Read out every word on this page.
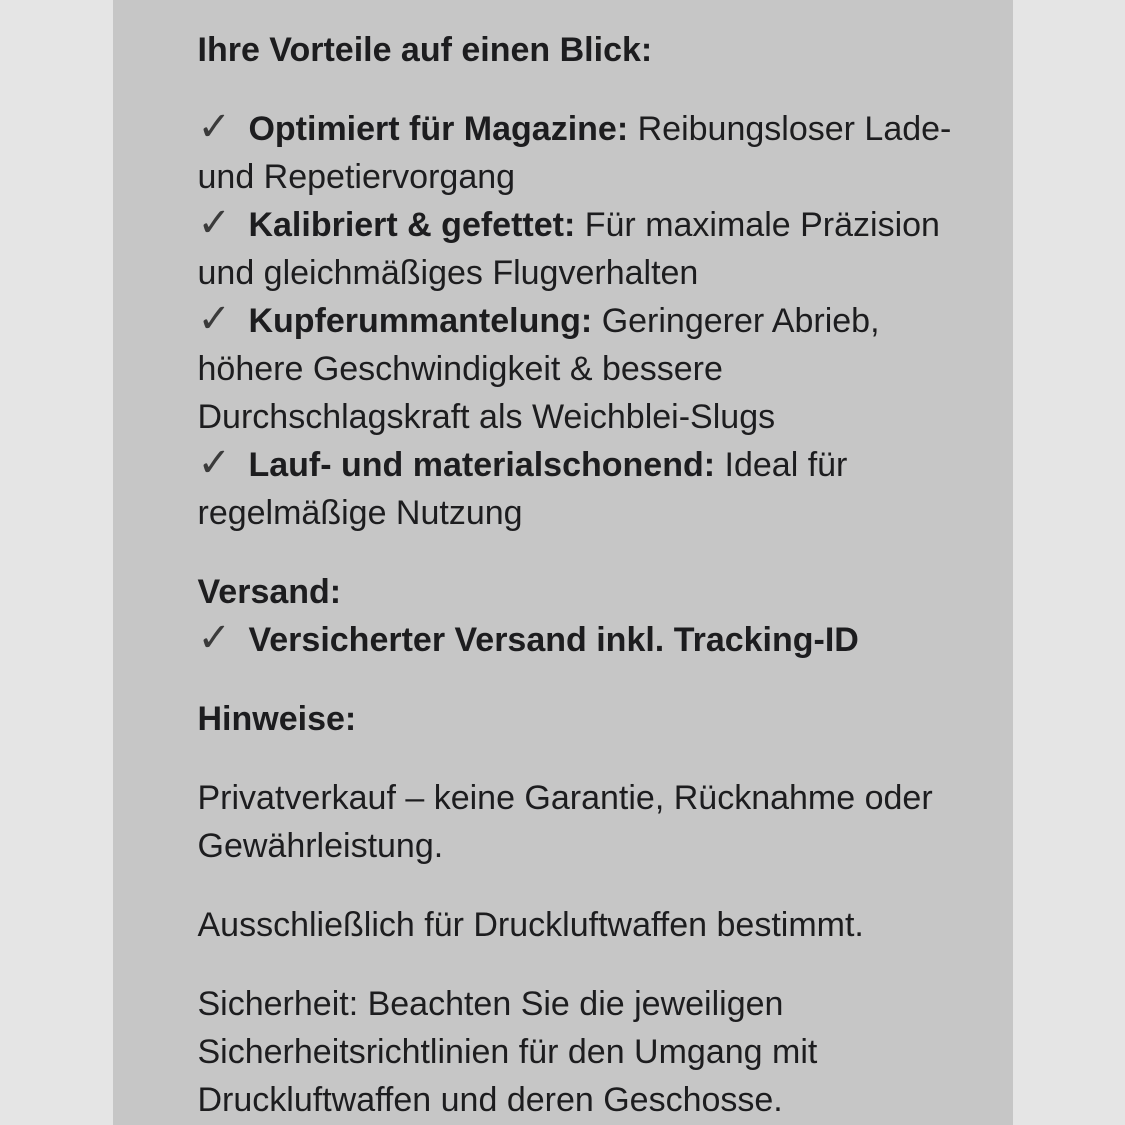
Ihre Vorteile auf einen Blick:
✓ Optimiert für Magazine: Reibungsloser Lade- und Repetiervorgang
✓ Kalibriert & gefettet: Für maximale Präzision und gleichmäßiges Flugverhalten
✓ Kupferummantelung: Geringerer Abrieb, höhere Geschwindigkeit & bessere Durchschlagskraft als Weichblei-Slugs
✓ Lauf- und materialschonend: Ideal für regelmäßige Nutzung
Versand:
✓ Versicherter Versand inkl. Tracking-ID
Hinweise:

Privatverkauf – keine Garantie, Rücknahme oder Gewährleistung.

Ausschließlich für Druckluftwaffen bestimmt.

Sicherheit: Beachten Sie die jeweiligen Sicherheitsrichtlinien für den Umgang mit Druckluftwaffen und deren Geschosse.
